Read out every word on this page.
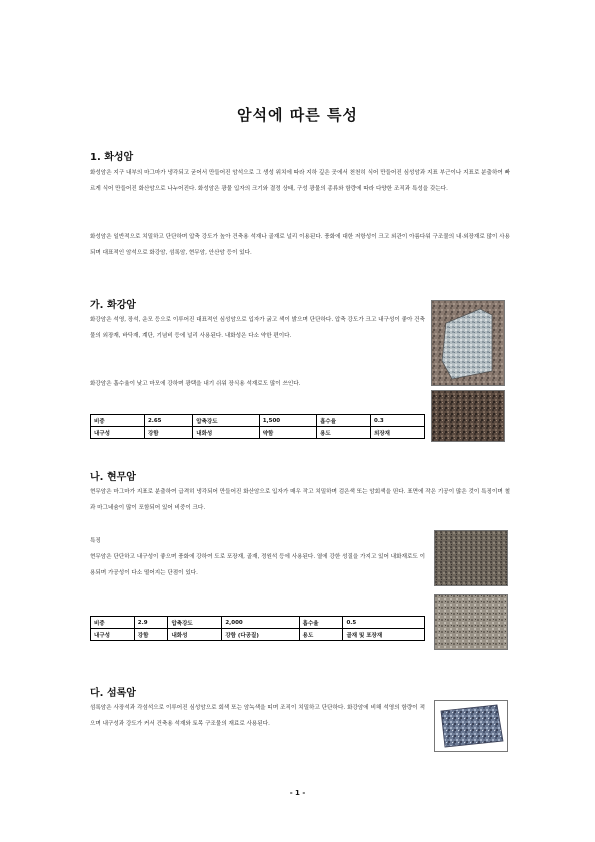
암석에 따른 특성
1. 화성암
화성암은 지구 내부의 마그마가 냉각되고 굳어서 만들어진 암석으로 그 생성 위치에 따라 지하 깊은 곳에서 천천히 식어 만들어진 심성암과 지표 부근이나 지표로 분출하여 빠르게 식어 만들어진 화산암으로 나누어진다. 화성암은 광물 입자의 크기와 결정 상태, 구성 광물의 종류와 함량에 따라 다양한 조직과 특성을 갖는다.
화성암은 일반적으로 치밀하고 단단하며 압축 강도가 높아 건축용 석재나 골재로 널리 이용된다. 풍화에 대한 저항성이 크고 외관이 아름다워 구조물의 내·외장재로 많이 사용되며 대표적인 암석으로 화강암, 섬록암, 현무암, 안산암 등이 있다.
가. 화강암
화강암은 석영, 장석, 운모 등으로 이루어진 대표적인 심성암으로 입자가 굵고 색이 밝으며 단단하다. 압축 강도가 크고 내구성이 좋아 건축물의 외장재, 바닥재, 계단, 기념비 등에 널리 사용된다. 내화성은 다소 약한 편이다.
화강암은 흡수율이 낮고 마모에 강하며 광택을 내기 쉬워 장식용 석재로도 많이 쓰인다.
비중	2.65	압축강도	1,500	흡수율	0.3
내구성	강함	내화성	약함	용도	외장재
나. 현무암
현무암은 마그마가 지표로 분출하여 급격히 냉각되어 만들어진 화산암으로 입자가 매우 작고 치밀하며 검은색 또는 암회색을 띤다. 표면에 작은 기공이 많은 것이 특징이며 철과 마그네슘이 많이 포함되어 있어 비중이 크다.
특징
현무암은 단단하고 내구성이 좋으며 풍화에 강하여 도로 포장재, 골재, 정원석 등에 사용된다. 열에 강한 성질을 가지고 있어 내화재로도 이용되며 가공성이 다소 떨어지는 단점이 있다.
비중	2.9	압축강도	2,000	흡수율	0.5
내구성	강함	내화성	강함 (다공질)	용도	골재 및 포장재
다. 섬록암
섬록암은 사장석과 각섬석으로 이루어진 심성암으로 회색 또는 암녹색을 띠며 조직이 치밀하고 단단하다. 화강암에 비해 석영의 함량이 적으며 내구성과 강도가 커서 건축용 석재와 토목 구조물의 재료로 사용된다.
- 1 -
